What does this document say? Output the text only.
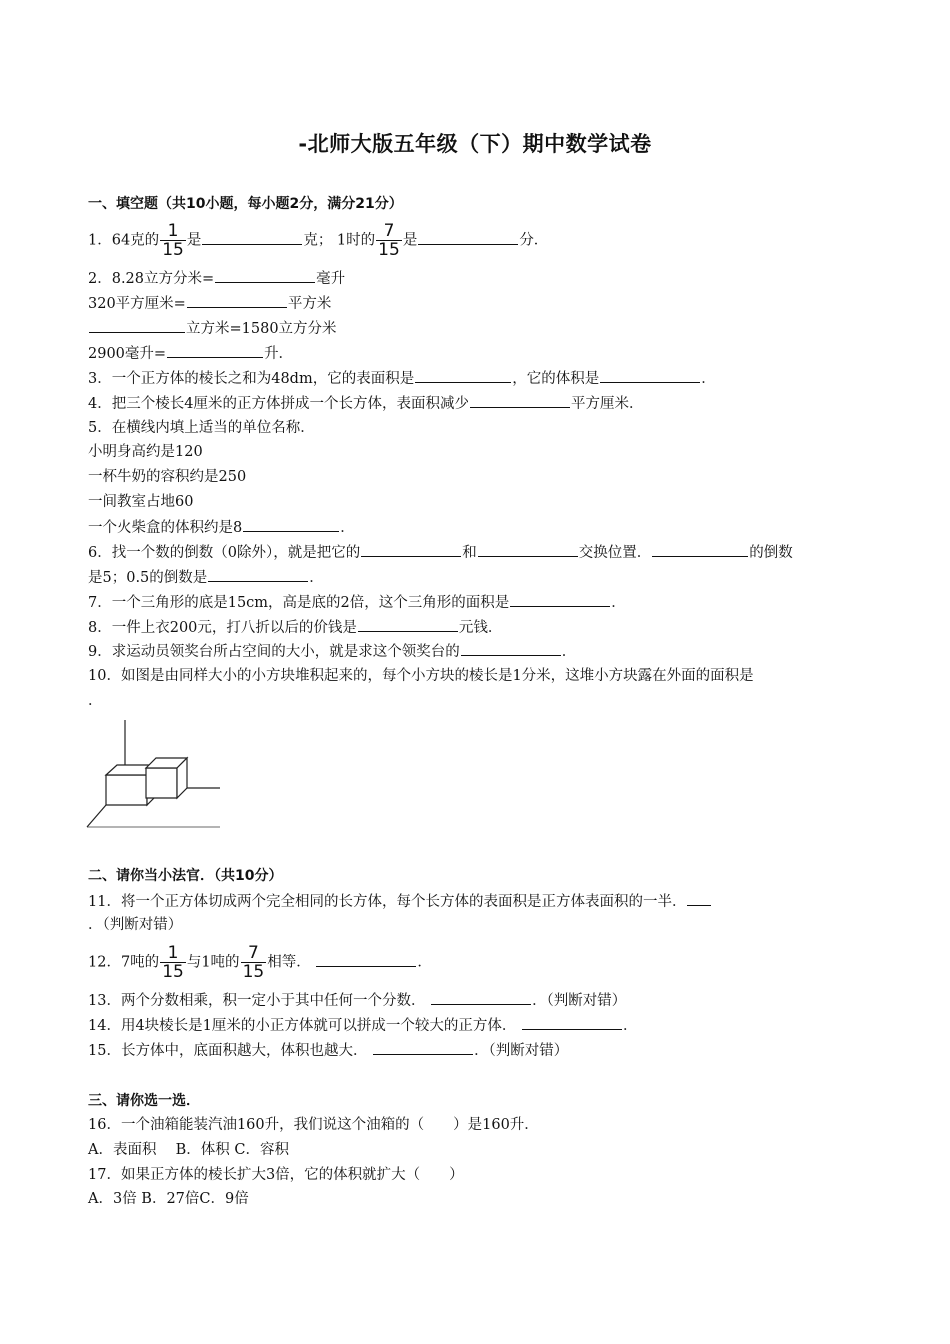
-北师大版五年级（下）期中数学试卷
一、填空题（共10小题，每小题2分，满分21分）
1．64克的 $\frac{1}{15}$ 是	克； 1时的 $\frac{7}{15}$ 是	分．
2．8.28立方分米=	毫升
320平方厘米=	平方米
立方米=1580立方分米
2900毫升=	升．
3．一个正方体的棱长之和为48dm，它的表面积是	，它的体积是	．
4．把三个棱长4厘米的正方体拼成一个长方体，表面积减少	平方厘米．
5．在横线内填上适当的单位名称．
小明身高约是120
一杯牛奶的容积约是250
一间教室占地60
一个火柴盒的体积约是8	．
6．找一个数的倒数（0除外），就是把它的	和	交换位置．	的倒数
是5；0.5的倒数是	．
7．一个三角形的底是15cm，高是底的2倍，这个三角形的面积是	．
8．一件上衣200元，打八折以后的价钱是	元钱．
9．求运动员领奖台所占空间的大小，就是求这个领奖台的	．
10．如图是由同样大小的小方块堆积起来的，每个小方块的棱长是1分米，这堆小方块露在外面的面积是
．
二、请你当小法官．（共10分）
11．将一个正方体切成两个完全相同的长方体，每个长方体的表面积是正方体表面积的一半．
．（判断对错）
12．7吨的 $\frac{1}{15}$ 与1吨的 $\frac{7}{15}$ 相等．	．
13．两个分数相乘，积一定小于其中任何一个分数．	．（判断对错）
14．用4块棱长是1厘米的小正方体就可以拼成一个较大的正方体．	．
15．长方体中，底面积越大，体积也越大．	．（判断对错）
三、请你选一选．
16．一个油箱能装汽油160升，我们说这个油箱的（　　）是160升．
A．表面积　 B．体积 C．容积
17．如果正方体的棱长扩大3倍，它的体积就扩大（　　）
A．3倍 B．27倍C．9倍
